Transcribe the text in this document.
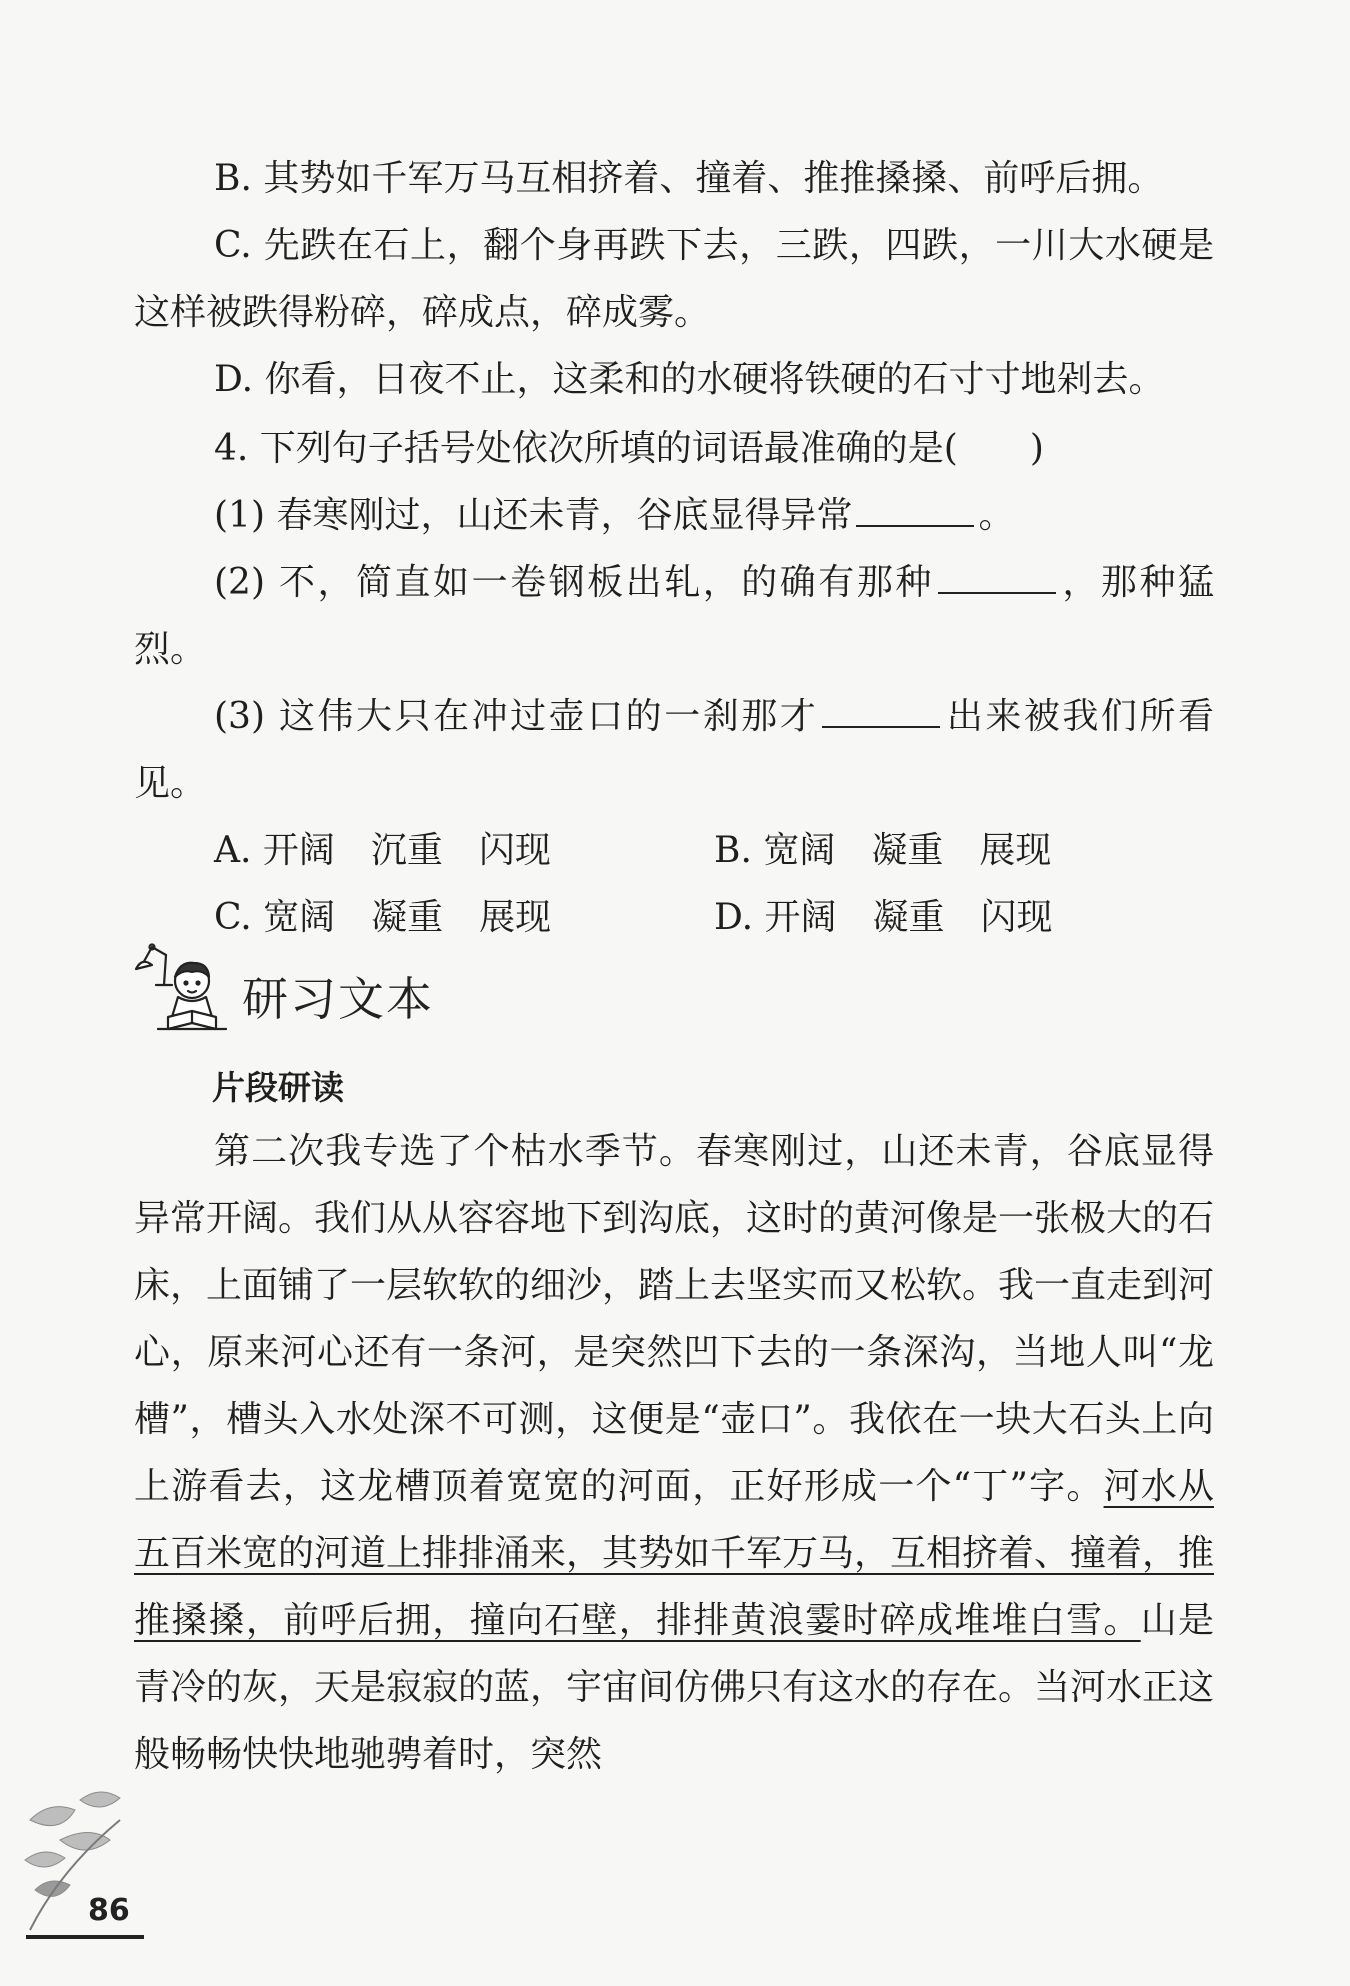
B. 其势如千军万马互相挤着、撞着、推推搡搡、前呼后拥。

C. 先跌在石上，翻个身再跌下去，三跌，四跌，一川大水硬是这样被跌得粉碎，碎成点，碎成雾。

D. 你看，日夜不止，这柔和的水硬将铁硬的石寸寸地剁去。

4. 下列句子括号处依次所填的词语最准确的是(　　)

(1) 春寒刚过，山还未青，谷底显得异常	。

(2) 不，简直如一卷钢板出轧，的确有那种	，那种猛烈。

(3) 这伟大只在冲过壶口的一刹那才	出来被我们所看见。

A. 开阔　沉重　闪现	B. 宽阔　凝重　展现
C. 宽阔　凝重　展现	D. 开阔　凝重　闪现
研习文本
片段研读

第二次我专选了个枯水季节。春寒刚过，山还未青，谷底显得异常开阔。我们从从容容地下到沟底，这时的黄河像是一张极大的石床，上面铺了一层软软的细沙，踏上去坚实而又松软。我一直走到河心，原来河心还有一条河，是突然凹下去的一条深沟，当地人叫“龙槽”，槽头入水处深不可测，这便是“壶口”。我依在一块大石头上向上游看去，这龙槽顶着宽宽的河面，正好形成一个“丁”字。河水从五百米宽的河道上排排涌来，其势如千军万马，互相挤着、撞着，推推搡搡，前呼后拥，撞向石壁，排排黄浪霎时碎成堆堆白雪。山是青冷的灰，天是寂寂的蓝，宇宙间仿佛只有这水的存在。当河水正这般畅畅快快地驰骋着时，突然

86
